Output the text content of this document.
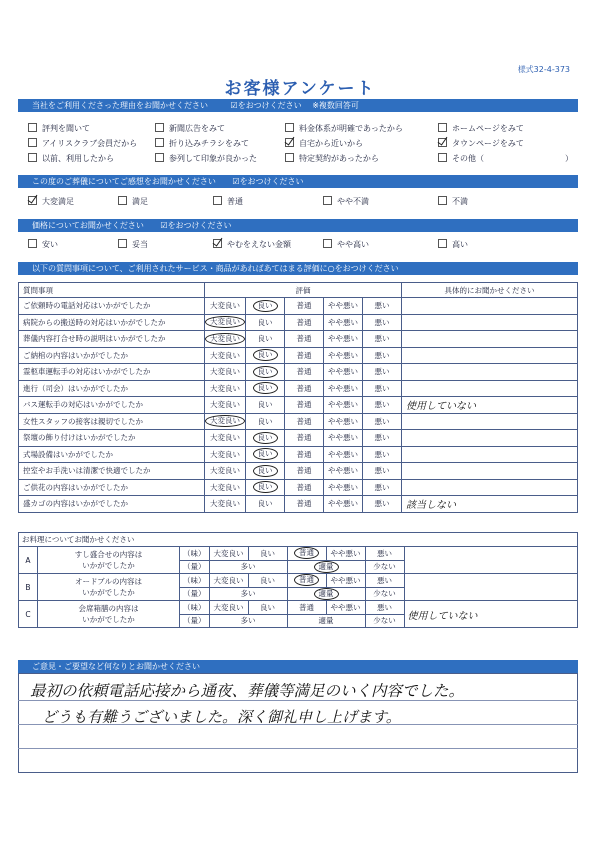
様式32-4-373
お客様アンケート
当社をご利用くださった理由をお聞かせください	☑をおつけください ※複数回答可
この度のご葬儀についてご感想をお聞かせください ☑をおつけください
価格についてお聞かせください ☑をおつけください
以下の質問事項について、ご利用されたサービス・商品があればあてはまる評価に○をおつけください
質問事項	評価					具体的にお聞かせください
ご依頼時の電話対応はいかがでしたか	大変良い	良い	普通	やや悪い	悪い	
病院からの搬送時の対応はいかがでしたか	大変良い	良い	普通	やや悪い	悪い	
葬儀内容打合せ時の説明はいかがでしたか	大変良い	良い	普通	やや悪い	悪い	
ご納棺の内容はいかがでしたか	大変良い	良い	普通	やや悪い	悪い	
霊柩車運転手の対応はいかがでしたか	大変良い	良い	普通	やや悪い	悪い	
進行（司会）はいかがでしたか	大変良い	良い	普通	やや悪い	悪い	
バス運転手の対応はいかがでしたか	大変良い	良い	普通	やや悪い	悪い	使用していない
女性スタッフの接客は親切でしたか	大変良い	良い	普通	やや悪い	悪い	
祭壇の飾り付けはいかがでしたか	大変良い	良い	普通	やや悪い	悪い	
式場設備はいかがでしたか	大変良い	良い	普通	やや悪い	悪い	
控室やお手洗いは清潔で快適でしたか	大変良い	良い	普通	やや悪い	悪い	
ご供花の内容はいかがでしたか	大変良い	良い	普通	やや悪い	悪い	
盛カゴの内容はいかがでしたか	大変良い	良い	普通	やや悪い	悪い	該当しない
お料理についてお聞かせください								
A	すし盛合せの内容は
いかがでしたか	（味）	大変良い	良い	普通	やや悪い	悪い	
		（量）	多い		適量		少ない	
B	オードブルの内容は
いかがでしたか	（味）	大変良い	良い	普通	やや悪い	悪い	
		（量）	多い		適量		少ない	
C	会席箱膳の内容は
いかがでしたか	（味）	大変良い	良い	普通	やや悪い	悪い	使用していない
		（量）	多い		適量		少ない	
ご意見・ご要望など何なりとお聞かせください
最初の依頼電話応接から通夜、葬儀等満足のいく内容でした。
どうも有難うございました。深く御礼申し上げます。
評判を聞いて	新聞広告をみて	料金体系が明確であったから	ホームページをみて
アイリスクラブ会員だから	折り込みチラシをみて	自宅から近いから	タウンページをみて
以前、利用したから	参列して印象が良かった	特定契約があったから	その他（	）
大変満足	満足	普通	やや不満	不満
安い	妥当	やむをえない金額	やや高い	高い
